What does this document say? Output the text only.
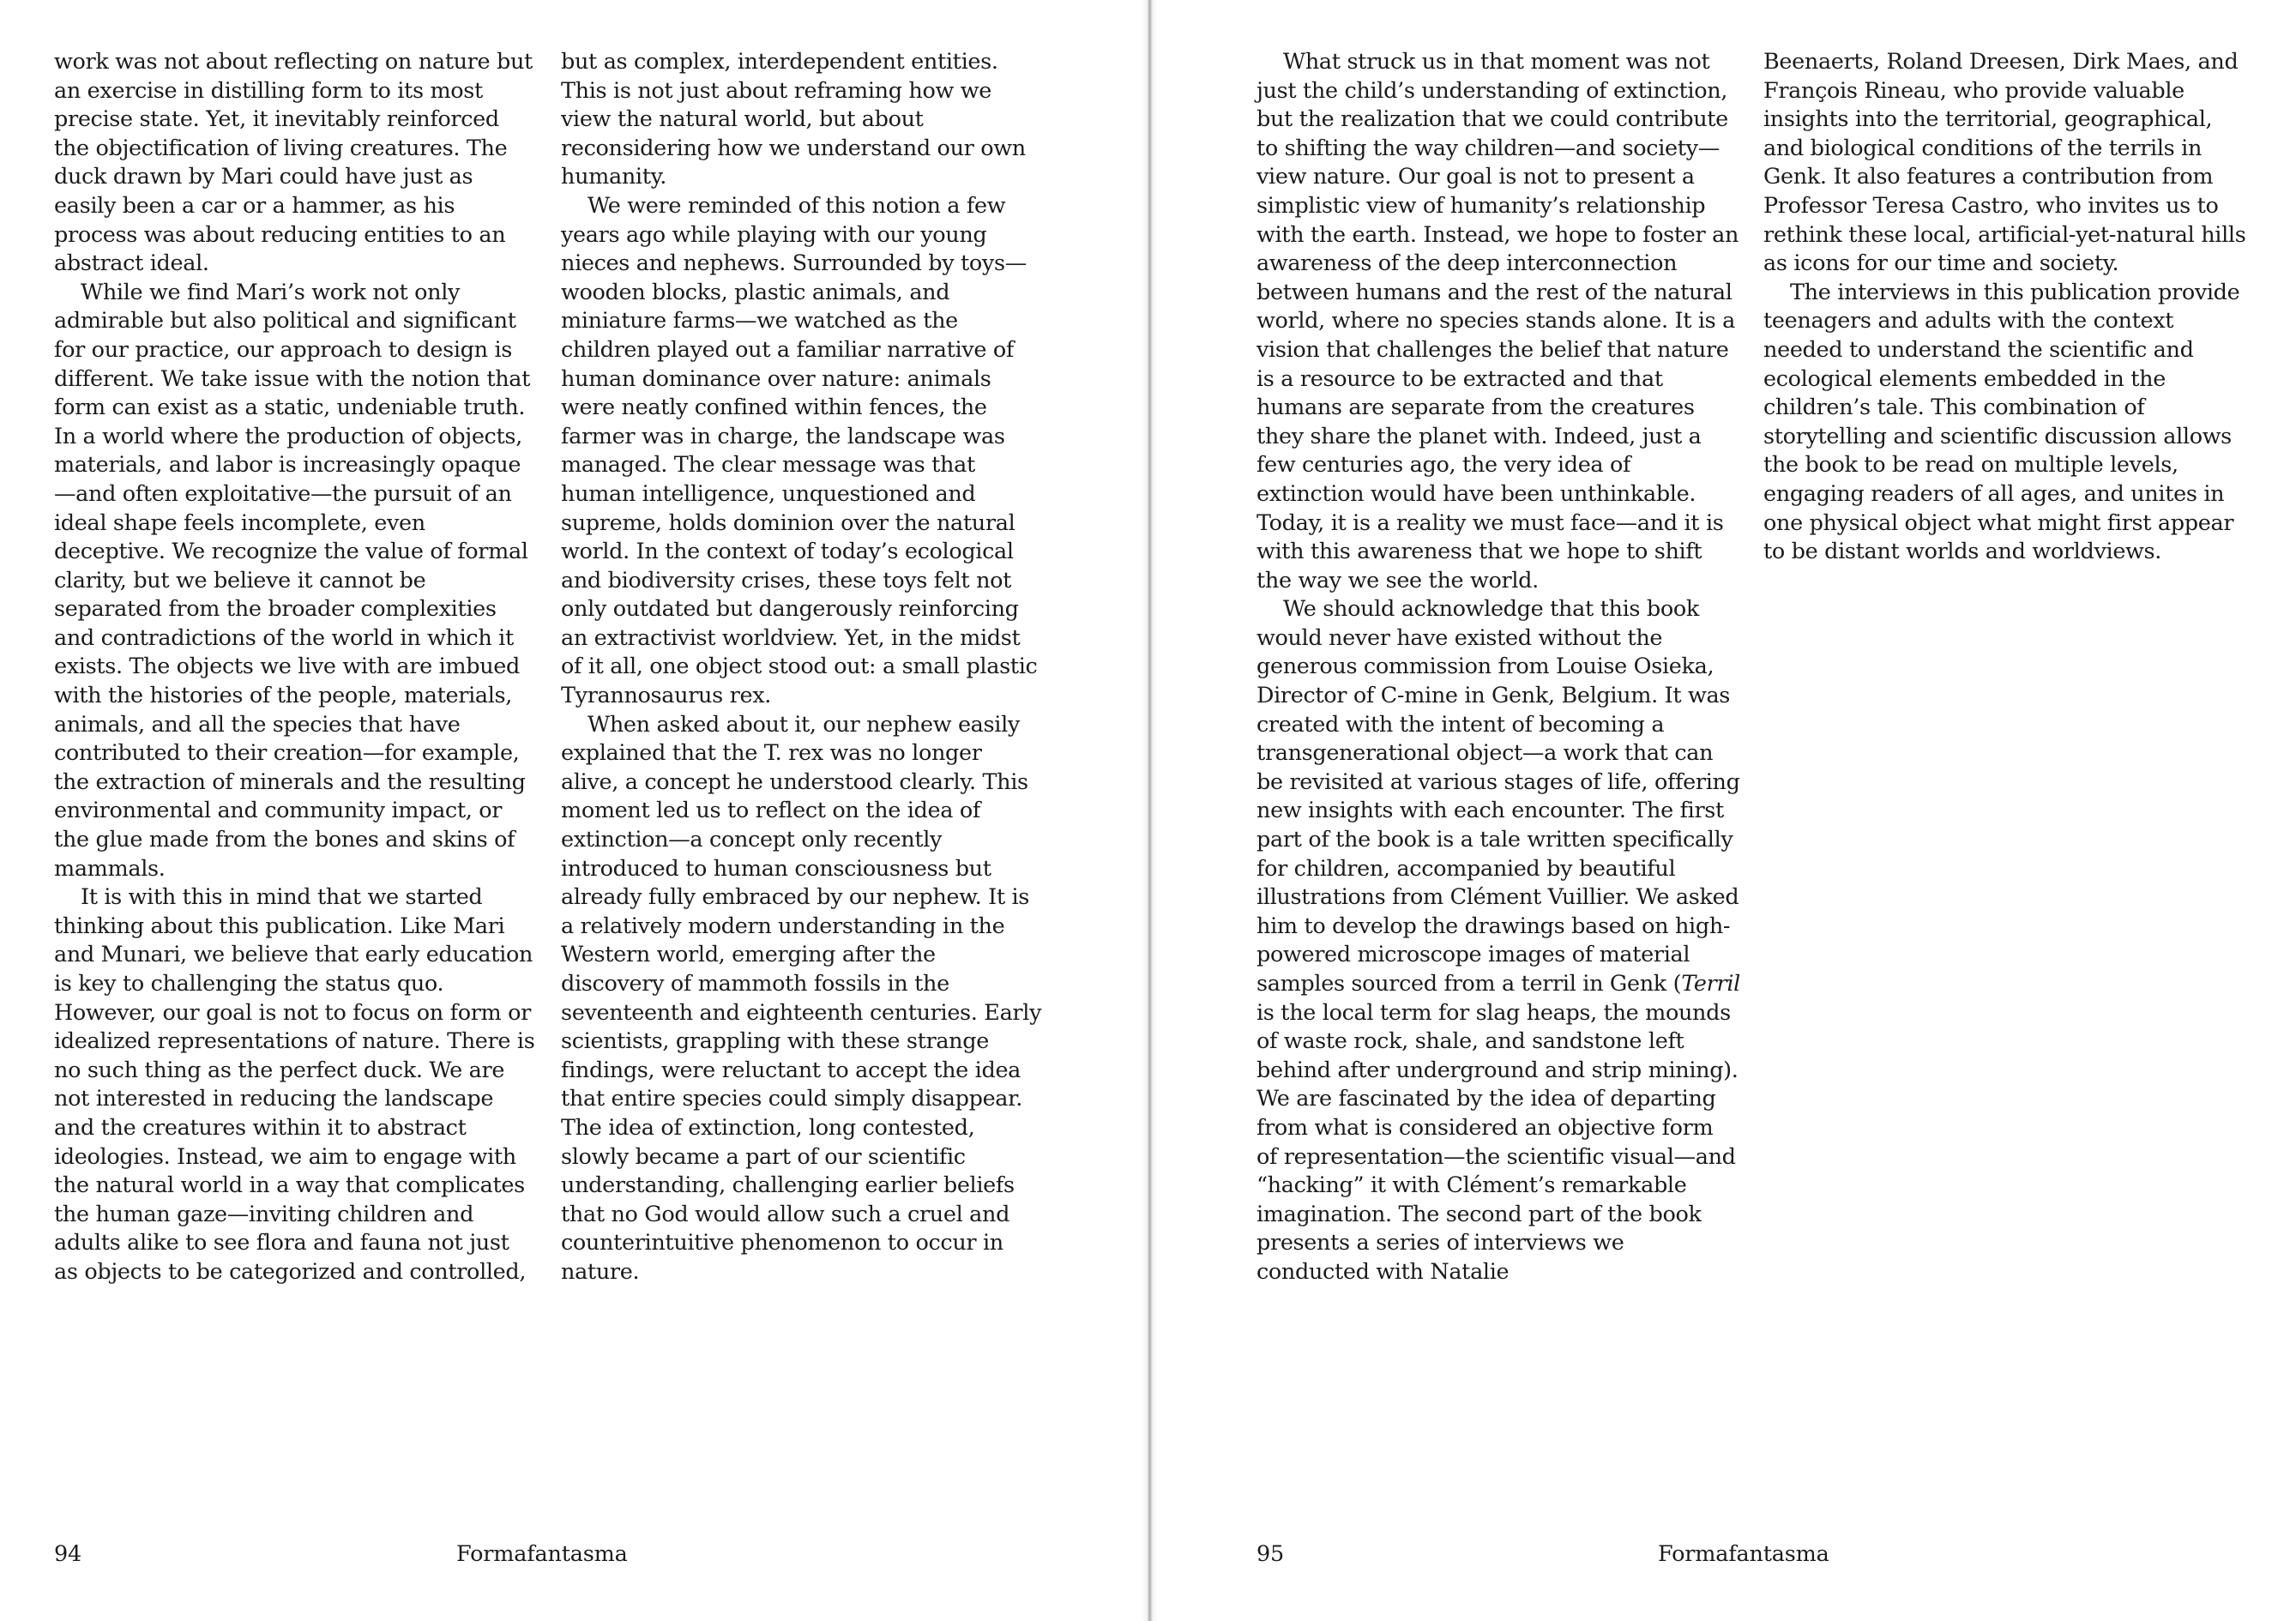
work was not about reflecting on nature but an exercise in distilling form to its most precise state. Yet, it inevitably reinforced the objectification of living creatures. The duck drawn by Mari could have just as easily been a car or a hammer, as his process was about reducing entities to an abstract ideal.

While we find Mari’s work not only admirable but also political and significant for our practice, our approach to design is different. We take issue with the notion that form can exist as a static, undeniable truth. In a world where the production of objects, materials, and labor is increasingly opaque—and often exploitative—the pursuit of an ideal shape feels incomplete, even deceptive. We recognize the value of formal clarity, but we believe it cannot be separated from the broader complexities and contradictions of the world in which it exists. The objects we live with are imbued with the histories of the people, materials, animals, and all the species that have contributed to their creation—for example, the extraction of minerals and the resulting environmental and community impact, or the glue made from the bones and skins of mammals.

It is with this in mind that we started thinking about this publication. Like Mari and Munari, we believe that early education is key to challenging the status quo. However, our goal is not to focus on form or idealized representations of nature. There is no such thing as the perfect duck. We are not interested in reducing the landscape and the creatures within it to abstract ideologies. Instead, we aim to engage with the natural world in a way that complicates the human gaze—inviting children and adults alike to see flora and fauna not just as objects to be categorized and controlled,

but as complex, interdependent entities. This is not just about reframing how we view the natural world, but about reconsidering how we understand our own humanity.

We were reminded of this notion a few years ago while playing with our young nieces and nephews. Surrounded by toys—wooden blocks, plastic animals, and miniature farms—we watched as the children played out a familiar narrative of human dominance over nature: animals were neatly confined within fences, the farmer was in charge, the landscape was managed. The clear message was that human intelligence, unquestioned and supreme, holds dominion over the natural world. In the context of today’s ecological and biodiversity crises, these toys felt not only outdated but dangerously reinforcing an extractivist worldview. Yet, in the midst of it all, one object stood out: a small plastic Tyrannosaurus rex.

When asked about it, our nephew easily explained that the T. rex was no longer alive, a concept he understood clearly. This moment led us to reflect on the idea of extinction—a concept only recently introduced to human consciousness but already fully embraced by our nephew. It is a relatively modern understanding in the Western world, emerging after the discovery of mammoth fossils in the seventeenth and eighteenth centuries. Early scientists, grappling with these strange findings, were reluctant to accept the idea that entire species could simply disappear. The idea of extinction, long contested, slowly became a part of our scientific understanding, challenging earlier beliefs that no God would allow such a cruel and counterintuitive phenomenon to occur in nature.

94	Formafantasma

What struck us in that moment was not just the child’s understanding of extinction, but the realization that we could contribute to shifting the way children—and society—view nature. Our goal is not to present a simplistic view of humanity’s relationship with the earth. Instead, we hope to foster an awareness of the deep interconnection between humans and the rest of the natural world, where no species stands alone. It is a vision that challenges the belief that nature is a resource to be extracted and that humans are separate from the creatures they share the planet with. Indeed, just a few centuries ago, the very idea of extinction would have been unthinkable. Today, it is a reality we must face—and it is with this awareness that we hope to shift the way we see the world.

We should acknowledge that this book would never have existed without the generous commission from Louise Osieka, Director of C-mine in Genk, Belgium. It was created with the intent of becoming a transgenerational object—a work that can be revisited at various stages of life, offering new insights with each encounter. The first part of the book is a tale written specifically for children, accompanied by beautiful illustrations from Clément Vuillier. We asked him to develop the drawings based on high-powered microscope images of material samples sourced from a terril in Genk (Terril is the local term for slag heaps, the mounds of waste rock, shale, and sandstone left behind after underground and strip mining). We are fascinated by the idea of departing from what is considered an objective form of representation—the scientific visual—and “hacking” it with Clément’s remarkable imagination. The second part of the book presents a series of interviews we conducted with Natalie

Beenaerts, Roland Dreesen, Dirk Maes, and François Rineau, who provide valuable insights into the territorial, geographical, and biological conditions of the terrils in Genk. It also features a contribution from Professor Teresa Castro, who invites us to rethink these local, artificial-yet-natural hills as icons for our time and society.

The interviews in this publication provide teenagers and adults with the context needed to understand the scientific and ecological elements embedded in the children’s tale. This combination of storytelling and scientific discussion allows the book to be read on multiple levels, engaging readers of all ages, and unites in one physical object what might first appear to be distant worlds and worldviews.

95	Formafantasma
